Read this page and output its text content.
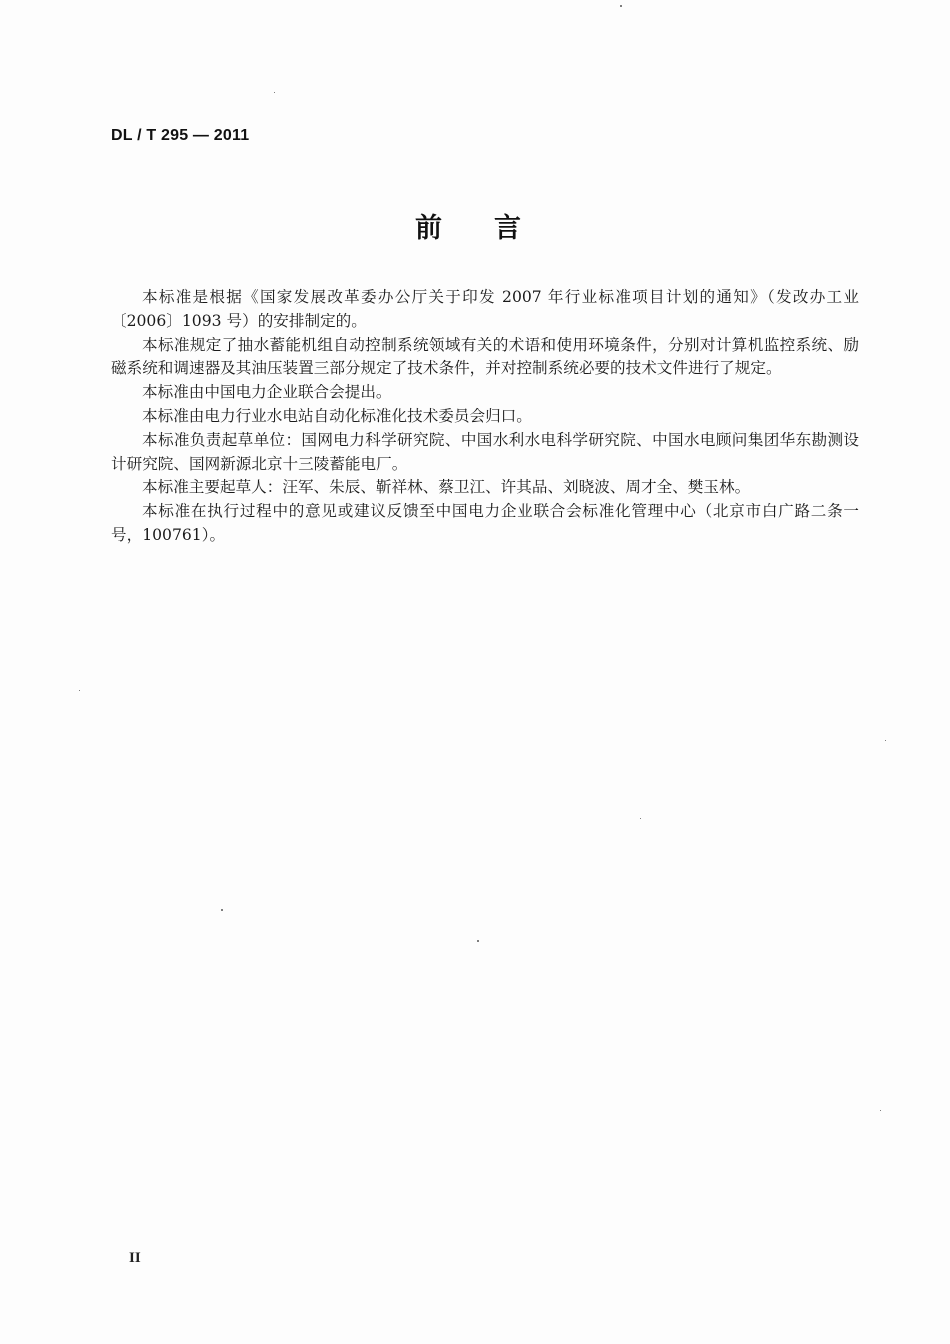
DL / T 295 — 2011
前言

本标准是根据《国家发展改革委办公厅关于印发 2007 年行业标准项目计划的通知》（发改办工业〔2006〕1093 号）的安排制定的。

本标准规定了抽水蓄能机组自动控制系统领域有关的术语和使用环境条件，分别对计算机监控系统、励磁系统和调速器及其油压装置三部分规定了技术条件，并对控制系统必要的技术文件进行了规定。

本标准由中国电力企业联合会提出。

本标准由电力行业水电站自动化标准化技术委员会归口。

本标准负责起草单位：国网电力科学研究院、中国水利水电科学研究院、中国水电顾问集团华东勘测设计研究院、国网新源北京十三陵蓄能电厂。

本标准主要起草人：汪军、朱辰、靳祥林、蔡卫江、许其品、刘晓波、周才全、樊玉林。

本标准在执行过程中的意见或建议反馈至中国电力企业联合会标准化管理中心（北京市白广路二条一号，100761）。

II
